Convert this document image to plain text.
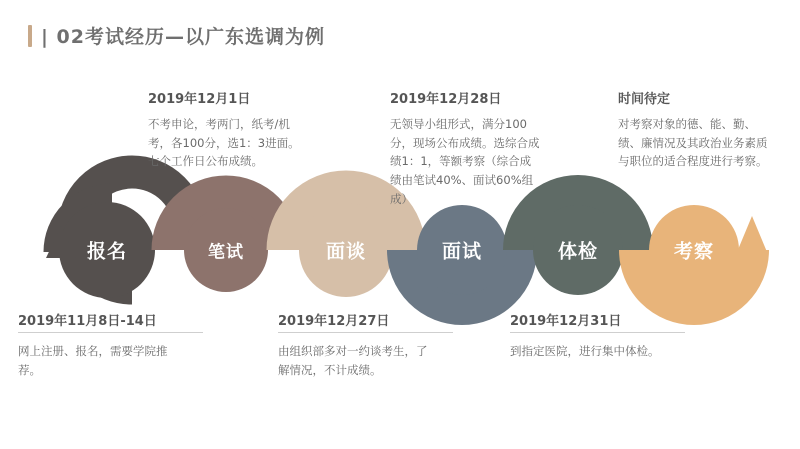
| 02考试经历—以广东选调为例
报名	笔试	面谈	面试	体检	考察
2019年12月1日
不考申论，考两门，纸考/机考，各100分，选1：3进面。七个工作日公布成绩。
2019年12月28日
无领导小组形式，满分100分，现场公布成绩。选综合成绩1：1，等额考察（综合成绩由笔试40%、面试60%组成）
时间待定
对考察对象的德、能、勤、绩、廉情况及其政治业务素质与职位的适合程度进行考察。
2019年11月8日-14日
网上注册、报名，需要学院推荐。
2019年12月27日
由组织部多对一约谈考生，了解情况，不计成绩。
2019年12月31日
到指定医院，进行集中体检。
